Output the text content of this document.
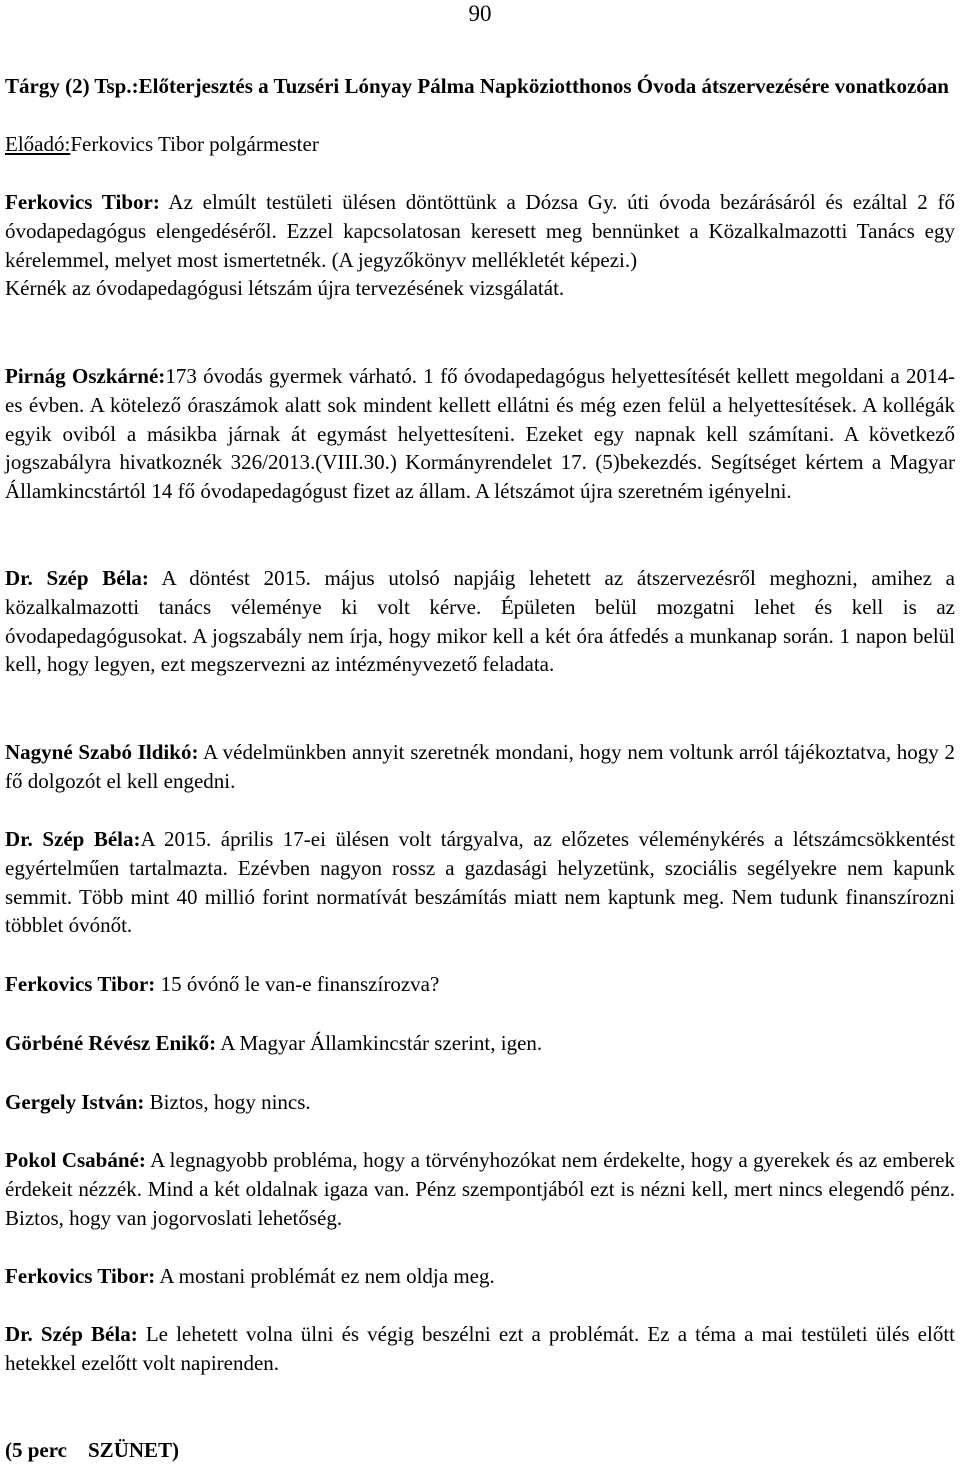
90

Tárgy (2) Tsp.:Előterjesztés a Tuzséri Lónyay Pálma Napköziotthonos Óvoda átszervezésére vonatkozóan

Előadó:Ferkovics Tibor polgármester

Ferkovics Tibor: Az elmúlt testületi ülésen döntöttünk a Dózsa Gy. úti óvoda bezárásáról és ezáltal 2 fő óvodapedagógus elengedéséről. Ezzel kapcsolatosan keresett meg bennünket a Közalkalmazotti Tanács egy kérelemmel, melyet most ismertetnék. (A jegyzőkönyv mellékletét képezi.)

Kérnék az óvodapedagógusi létszám újra tervezésének vizsgálatát.

Pirnág Oszkárné:173 óvodás gyermek várható. 1 fő óvodapedagógus helyettesítését kellett megoldani a 2014-es évben. A kötelező óraszámok alatt sok mindent kellett ellátni és még ezen felül a helyettesítések. A kollégák egyik oviból a másikba járnak át egymást helyettesíteni. Ezeket egy napnak kell számítani. A következő jogszabályra hivatkoznék 326/2013.(VIII.30.) Kormányrendelet 17. (5)bekezdés. Segítséget kértem a Magyar Államkincstártól 14 fő óvodapedagógust fizet az állam. A létszámot újra szeretném igényelni.

Dr. Szép Béla: A döntést 2015. május utolsó napjáig lehetett az átszervezésről meghozni, amihez a közalkalmazotti tanács véleménye ki volt kérve. Épületen belül mozgatni lehet és kell is az óvodapedagógusokat. A jogszabály nem írja, hogy mikor kell a két óra átfedés a munkanap során. 1 napon belül kell, hogy legyen, ezt megszervezni az intézményvezető feladata.

Nagyné Szabó Ildikó: A védelmünkben annyit szeretnék mondani, hogy nem voltunk arról tájékoztatva, hogy 2 fő dolgozót el kell engedni.

Dr. Szép Béla:A 2015. április 17-ei ülésen volt tárgyalva, az előzetes véleménykérés a létszámcsökkentést egyértelműen tartalmazta. Ezévben nagyon rossz a gazdasági helyzetünk, szociális segélyekre nem kapunk semmit. Több mint 40 millió forint normatívát beszámítás miatt nem kaptunk meg. Nem tudunk finanszírozni többlet óvónőt.

Ferkovics Tibor: 15 óvónő le van-e finanszírozva?

Görbéné Révész Enikő: A Magyar Államkincstár szerint, igen.

Gergely István: Biztos, hogy nincs.

Pokol Csabáné: A legnagyobb probléma, hogy a törvényhozókat nem érdekelte, hogy a gyerekek és az emberek érdekeit nézzék. Mind a két oldalnak igaza van. Pénz szempontjából ezt is nézni kell, mert nincs elegendő pénz. Biztos, hogy van jogorvoslati lehetőség.

Ferkovics Tibor: A mostani problémát ez nem oldja meg.

Dr. Szép Béla: Le lehetett volna ülni és végig beszélni ezt a problémát. Ez a téma a mai testületi ülés előtt hetekkel ezelőtt volt napirenden.

(5 perc    SZÜNET)
